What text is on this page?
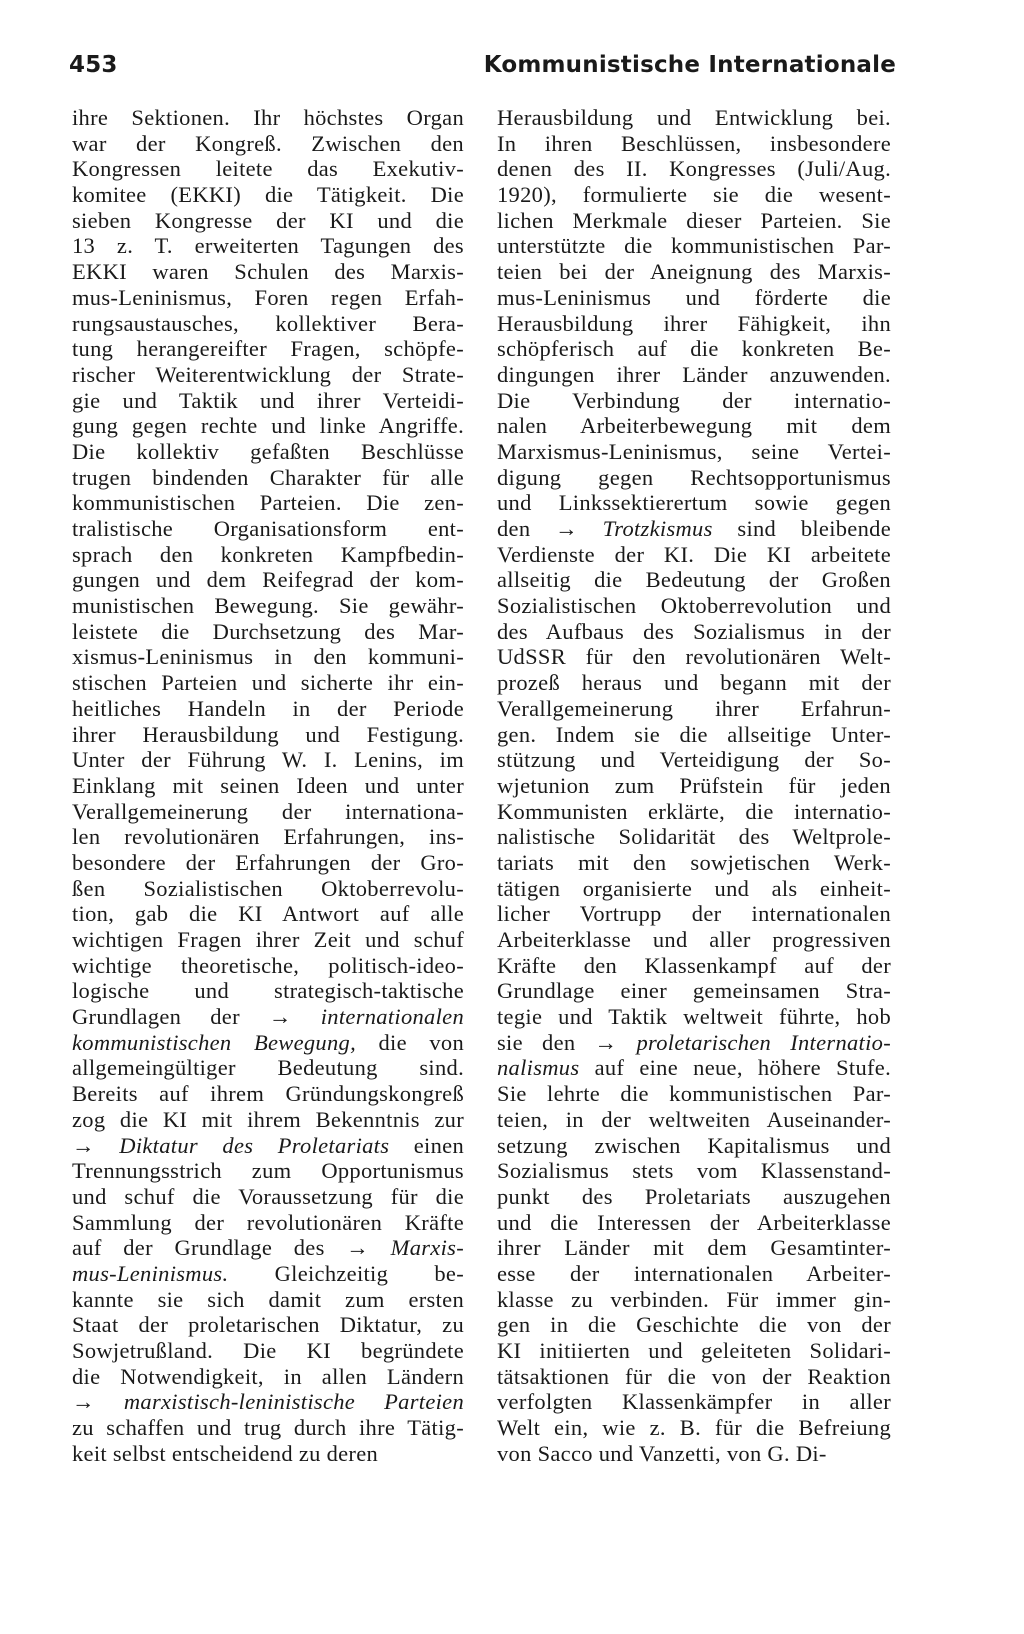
453	Kommunistische Internationale
ihre Sektionen. Ihr höchstes Organ
war der Kongreß. Zwischen den
Kongressen leitete das Exekutiv-
komitee (EKKI) die Tätigkeit. Die
sieben Kongresse der KI und die
13 z. T. erweiterten Tagungen des
EKKI waren Schulen des Marxis-
mus-Leninismus, Foren regen Erfah-
rungsaustausches, kollektiver Bera-
tung herangereifter Fragen, schöpfe-
rischer Weiterentwicklung der Strate-
gie und Taktik und ihrer Verteidi-
gung gegen rechte und linke Angriffe.
Die kollektiv gefaßten Beschlüsse
trugen bindenden Charakter für alle
kommunistischen Parteien. Die zen-
tralistische Organisationsform ent-
sprach den konkreten Kampfbedin-
gungen und dem Reifegrad der kom-
munistischen Bewegung. Sie gewähr-
leistete die Durchsetzung des Mar-
xismus-Leninismus in den kommuni-
stischen Parteien und sicherte ihr ein-
heitliches Handeln in der Periode
ihrer Herausbildung und Festigung.
Unter der Führung W. I. Lenins, im
Einklang mit seinen Ideen und unter
Verallgemeinerung der internationa-
len revolutionären Erfahrungen, ins-
besondere der Erfahrungen der Gro-
ßen Sozialistischen Oktoberrevolu-
tion, gab die KI Antwort auf alle
wichtigen Fragen ihrer Zeit und schuf
wichtige theoretische, politisch-ideo-
logische und strategisch-taktische
Grundlagen der → internationalen
kommunistischen Bewegung, die von
allgemeingültiger Bedeutung sind.
Bereits auf ihrem Gründungskongreß
zog die KI mit ihrem Bekenntnis zur
→ Diktatur des Proletariats einen
Trennungsstrich zum Opportunismus
und schuf die Voraussetzung für die
Sammlung der revolutionären Kräfte
auf der Grundlage des → Marxis-
mus-Leninismus. Gleichzeitig be-
kannte sie sich damit zum ersten
Staat der proletarischen Diktatur, zu
Sowjetrußland. Die KI begründete
die Notwendigkeit, in allen Ländern
→ marxistisch-leninistische Parteien
zu schaffen und trug durch ihre Tätig-
keit selbst entscheidend zu deren
Herausbildung und Entwicklung bei.
In ihren Beschlüssen, insbesondere
denen des II. Kongresses (Juli/Aug.
1920), formulierte sie die wesent-
lichen Merkmale dieser Parteien. Sie
unterstützte die kommunistischen Par-
teien bei der Aneignung des Marxis-
mus-Leninismus und förderte die
Herausbildung ihrer Fähigkeit, ihn
schöpferisch auf die konkreten Be-
dingungen ihrer Länder anzuwenden.
Die Verbindung der internatio-
nalen Arbeiterbewegung mit dem
Marxismus-Leninismus, seine Vertei-
digung gegen Rechtsopportunismus
und Linkssektierertum sowie gegen
den → Trotzkismus sind bleibende
Verdienste der KI. Die KI arbeitete
allseitig die Bedeutung der Großen
Sozialistischen Oktoberrevolution und
des Aufbaus des Sozialismus in der
UdSSR für den revolutionären Welt-
prozeß heraus und begann mit der
Verallgemeinerung ihrer Erfahrun-
gen. Indem sie die allseitige Unter-
stützung und Verteidigung der So-
wjetunion zum Prüfstein für jeden
Kommunisten erklärte, die internatio-
nalistische Solidarität des Weltprole-
tariats mit den sowjetischen Werk-
tätigen organisierte und als einheit-
licher Vortrupp der internationalen
Arbeiterklasse und aller progressiven
Kräfte den Klassenkampf auf der
Grundlage einer gemeinsamen Stra-
tegie und Taktik weltweit führte, hob
sie den → proletarischen Internatio-
nalismus auf eine neue, höhere Stufe.
Sie lehrte die kommunistischen Par-
teien, in der weltweiten Auseinander-
setzung zwischen Kapitalismus und
Sozialismus stets vom Klassenstand-
punkt des Proletariats auszugehen
und die Interessen der Arbeiterklasse
ihrer Länder mit dem Gesamtinter-
esse der internationalen Arbeiter-
klasse zu verbinden. Für immer gin-
gen in die Geschichte die von der
KI initiierten und geleiteten Solidari-
tätsaktionen für die von der Reaktion
verfolgten Klassenkämpfer in aller
Welt ein, wie z. B. für die Befreiung
von Sacco und Vanzetti, von G. Di-
